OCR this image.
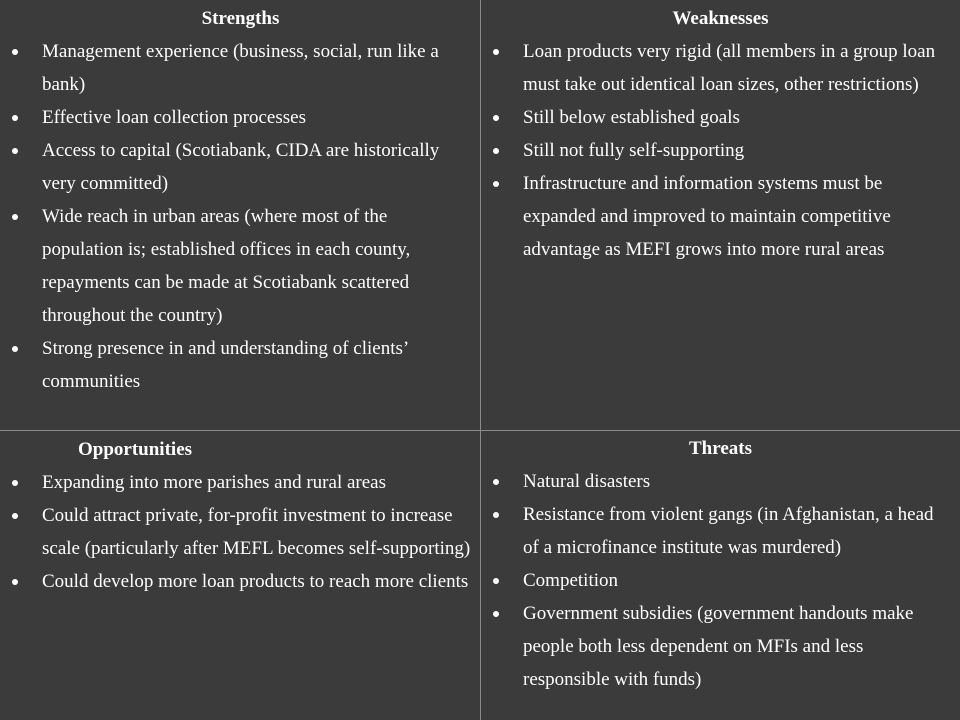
Strengths
Management experience (business, social, run like a bank)
Effective loan collection processes
Access to capital (Scotiabank, CIDA are historically very committed)
Wide reach in urban areas (where most of the population is; established offices in each county, repayments can be made at Scotiabank scattered throughout the country)
Strong presence in and understanding of clients’ communities
Weaknesses
Loan products very rigid (all members in a group loan must take out identical loan sizes, other restrictions)
Still below established goals
Still not fully self-supporting
Infrastructure and information systems must be expanded and improved to maintain competitive advantage as MEFI grows into more rural areas
Opportunities
Expanding into more parishes and rural areas
Could attract private, for-profit investment to increase scale (particularly after MEFL becomes self-supporting)
Could develop more loan products to reach more clients
Threats
Natural disasters
Resistance from violent gangs (in Afghanistan, a head of a microfinance institute was murdered)
Competition
Government subsidies (government handouts make people both less dependent on MFIs and less responsible with funds)
